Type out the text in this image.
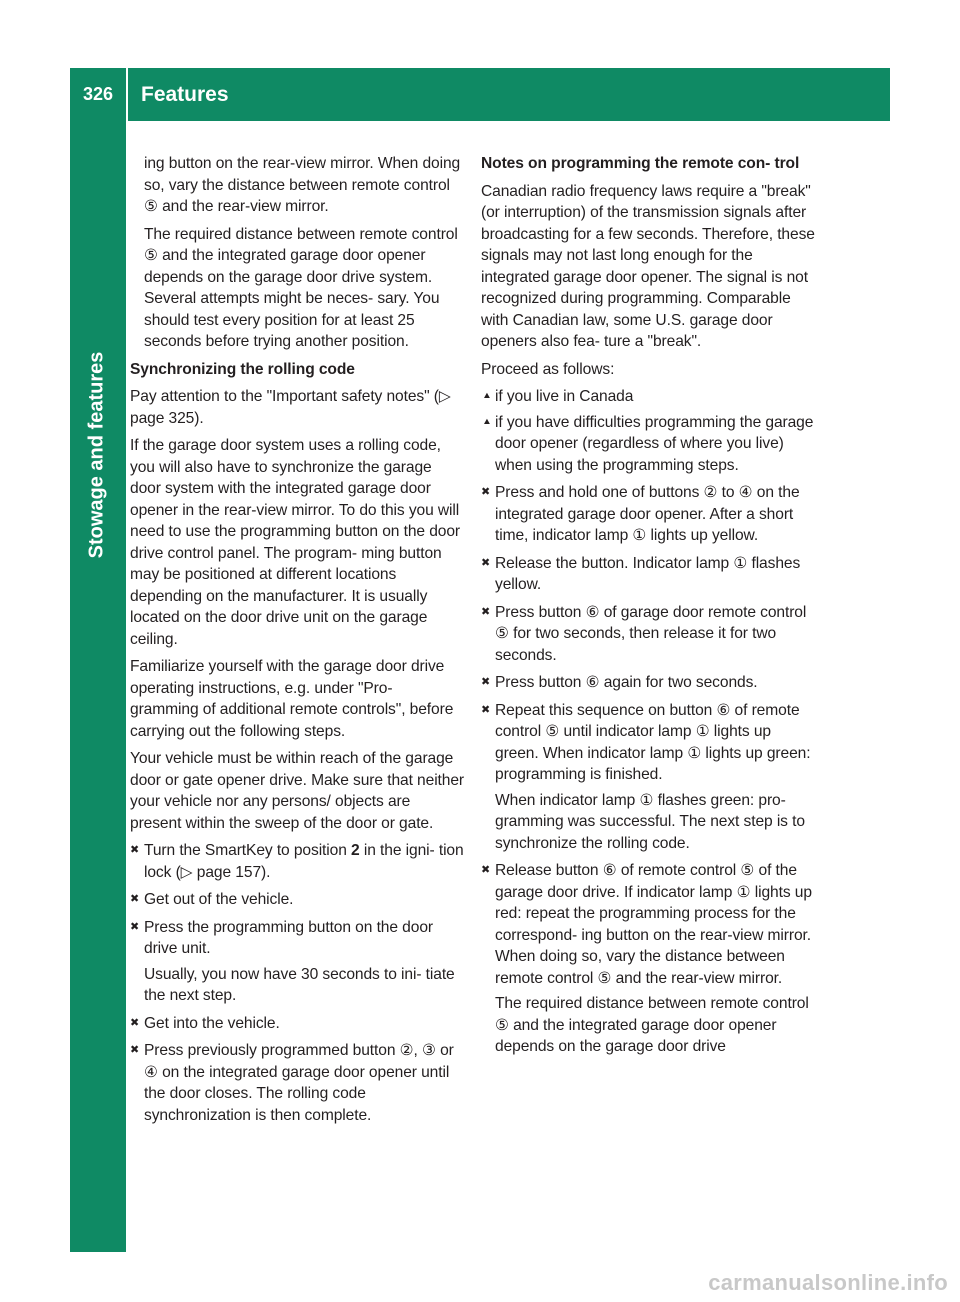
326	Features
Stowage and features

ing button on the rear-view mirror. When doing so, vary the distance between remote control ⑤ and the rear-view mirror.

The required distance between remote control ⑤ and the integrated garage door opener depends on the garage door drive system. Several attempts might be neces- sary. You should test every position for at least 25 seconds before trying another position.

Synchronizing the rolling code

Pay attention to the "Important safety notes" (▷ page 325).

If the garage door system uses a rolling code, you will also have to synchronize the garage door system with the integrated garage door opener in the rear-view mirror. To do this you will need to use the programming button on the door drive control panel. The program- ming button may be positioned at different locations depending on the manufacturer. It is usually located on the door drive unit on the garage ceiling.

Familiarize yourself with the garage door drive operating instructions, e.g. under "Pro- gramming of additional remote controls", before carrying out the following steps.

Your vehicle must be within reach of the garage door or gate opener drive. Make sure that neither your vehicle nor any persons/ objects are present within the sweep of the door or gate.

✖ Turn the SmartKey to position 2 in the igni- tion lock (▷ page 157).
✖ Get out of the vehicle.
✖ Press the programming button on the door drive unit.
Usually, you now have 30 seconds to ini- tiate the next step.
✖ Get into the vehicle.
✖ Press previously programmed button ②, ③ or ④ on the integrated garage door opener until the door closes. The rolling code synchronization is then complete.
Notes on programming the remote con- trol

Canadian radio frequency laws require a "break" (or interruption) of the transmission signals after broadcasting for a few seconds. Therefore, these signals may not last long enough for the integrated garage door opener. The signal is not recognized during programming. Comparable with Canadian law, some U.S. garage door openers also fea- ture a "break".

Proceed as follows:

▲ if you live in Canada
▲ if you have difficulties programming the garage door opener (regardless of where you live) when using the programming steps.
✖ Press and hold one of buttons ② to ④ on the integrated garage door opener. After a short time, indicator lamp ① lights up yellow.
✖ Release the button. Indicator lamp ① flashes yellow.
✖ Press button ⑥ of garage door remote control ⑤ for two seconds, then release it for two seconds.
✖ Press button ⑥ again for two seconds.
✖ Repeat this sequence on button ⑥ of remote control ⑤ until indicator lamp ① lights up green. When indicator lamp ① lights up green: programming is finished.
When indicator lamp ① flashes green: pro- gramming was successful. The next step is to synchronize the rolling code.
✖ Release button ⑥ of remote control ⑤ of the garage door drive. If indicator lamp ① lights up red: repeat the programming process for the correspond- ing button on the rear-view mirror. When doing so, vary the distance between remote control ⑤ and the rear-view mirror.
The required distance between remote control ⑤ and the integrated garage door opener depends on the garage door drive
carmanualsonline.info
